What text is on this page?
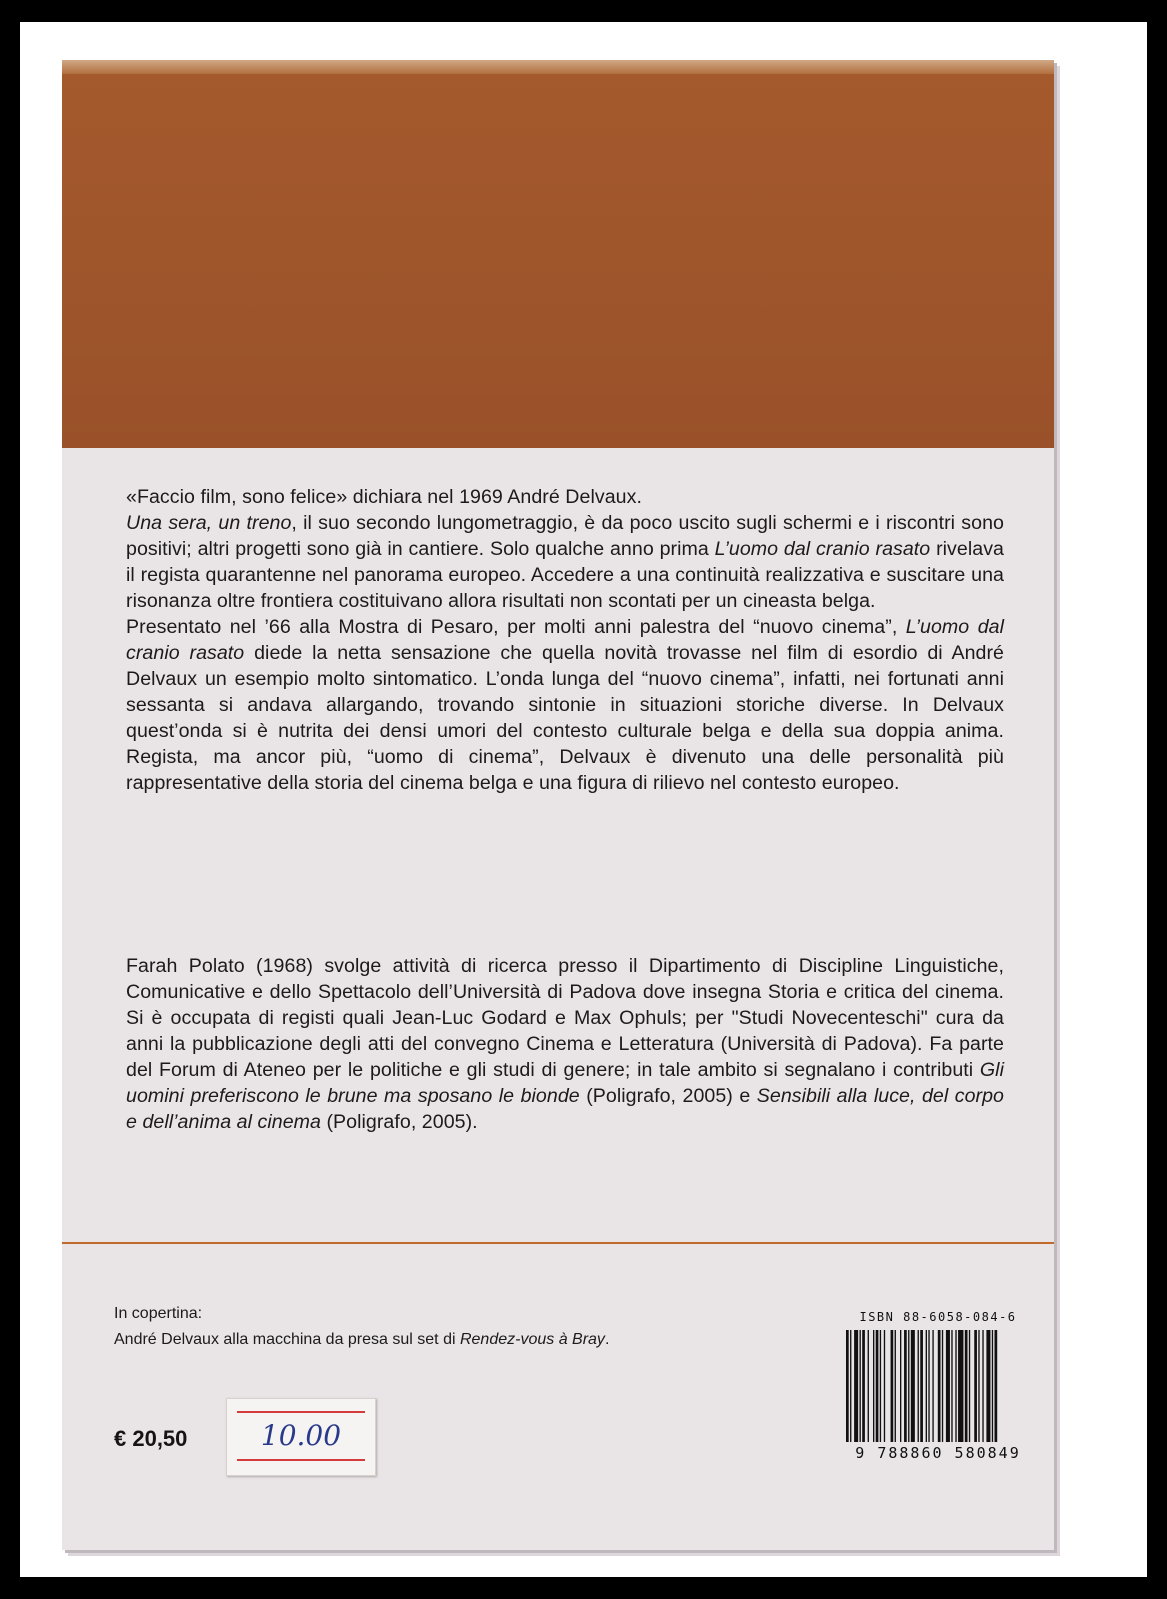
«Faccio film, sono felice» dichiara nel 1969 André Delvaux.
Una sera, un treno, il suo secondo lungometraggio, è da poco uscito sugli schermi e i riscontri sono positivi; altri progetti sono già in cantiere. Solo qualche anno prima L’uomo dal cranio rasato rivelava il regista quarantenne nel panorama europeo. Accedere a una continuità realizzativa e suscitare una risonanza oltre frontiera costituivano allora risultati non scontati per un cineasta belga.

Presentato nel ’66 alla Mostra di Pesaro, per molti anni palestra del “nuovo cinema”, L’uomo dal cranio rasato diede la netta sensazione che quella novità trovasse nel film di esordio di André Delvaux un esempio molto sintomatico. L’onda lunga del “nuovo cinema”, infatti, nei fortunati anni sessanta si andava allargando, trovando sintonie in situazioni storiche diverse. In Delvaux quest’onda si è nutrita dei densi umori del contesto culturale belga e della sua doppia anima. Regista, ma ancor più, “uomo di cinema”, Delvaux è divenuto una delle personalità più rappresentative della storia del cinema belga e una figura di rilievo nel contesto europeo.

Farah Polato (1968) svolge attività di ricerca presso il Dipartimento di Discipline Linguistiche, Comunicative e dello Spettacolo dell’Università di Padova dove insegna Storia e critica del cinema. Si è occupata di registi quali Jean-Luc Godard e Max Ophuls; per "Studi Novecenteschi" cura da anni la pubblicazione degli atti del convegno Cinema e Letteratura (Università di Padova). Fa parte del Forum di Ateneo per le politiche e gli studi di genere; in tale ambito si segnalano i contributi Gli uomini preferiscono le brune ma sposano le bionde (Poligrafo, 2005) e Sensibili alla luce, del corpo e dell’anima al cinema (Poligrafo, 2005).

In copertina:
André Delvaux alla macchina da presa sul set di Rendez-vous à Bray.
€ 20,50	10.00
ISBN 88-6058-084-6
9 788860 580849
